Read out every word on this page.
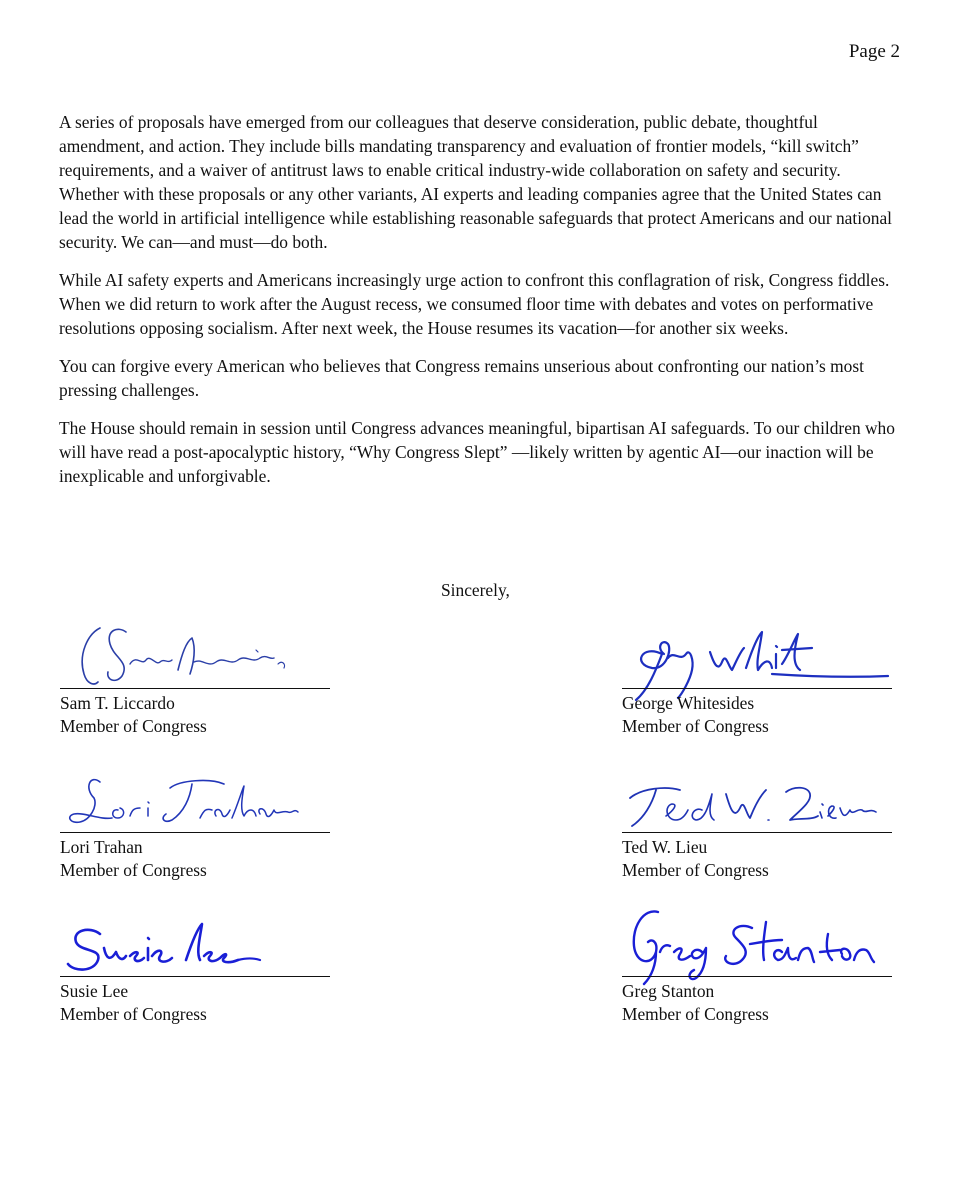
Page 2

A series of proposals have emerged from our colleagues that deserve consideration, public debate, thoughtful amendment, and action. They include bills mandating transparency and evaluation of frontier models, “kill switch” requirements, and a waiver of antitrust laws to enable critical industry-wide collaboration on safety and security. Whether with these proposals or any other variants, AI experts and leading companies agree that the United States can lead the world in artificial intelligence while establishing reasonable safeguards that protect Americans and our national security. We can—and must—do both.

While AI safety experts and Americans increasingly urge action to confront this conflagration of risk, Congress fiddles. When we did return to work after the August recess, we consumed floor time with debates and votes on performative resolutions opposing socialism. After next week, the House resumes its vacation—for another six weeks.

You can forgive every American who believes that Congress remains unserious about confronting our nation’s most pressing challenges.

The House should remain in session until Congress advances meaningful, bipartisan AI safeguards. To our children who will have read a post-apocalyptic history, “Why Congress Slept” —likely written by agentic AI—our inaction will be inexplicable and unforgivable.

Sincerely,
Sam T. Liccardo
Member of Congress
George Whitesides
Member of Congress
Lori Trahan
Member of Congress
Ted W. Lieu
Member of Congress
Susie Lee
Member of Congress
Greg Stanton
Member of Congress
